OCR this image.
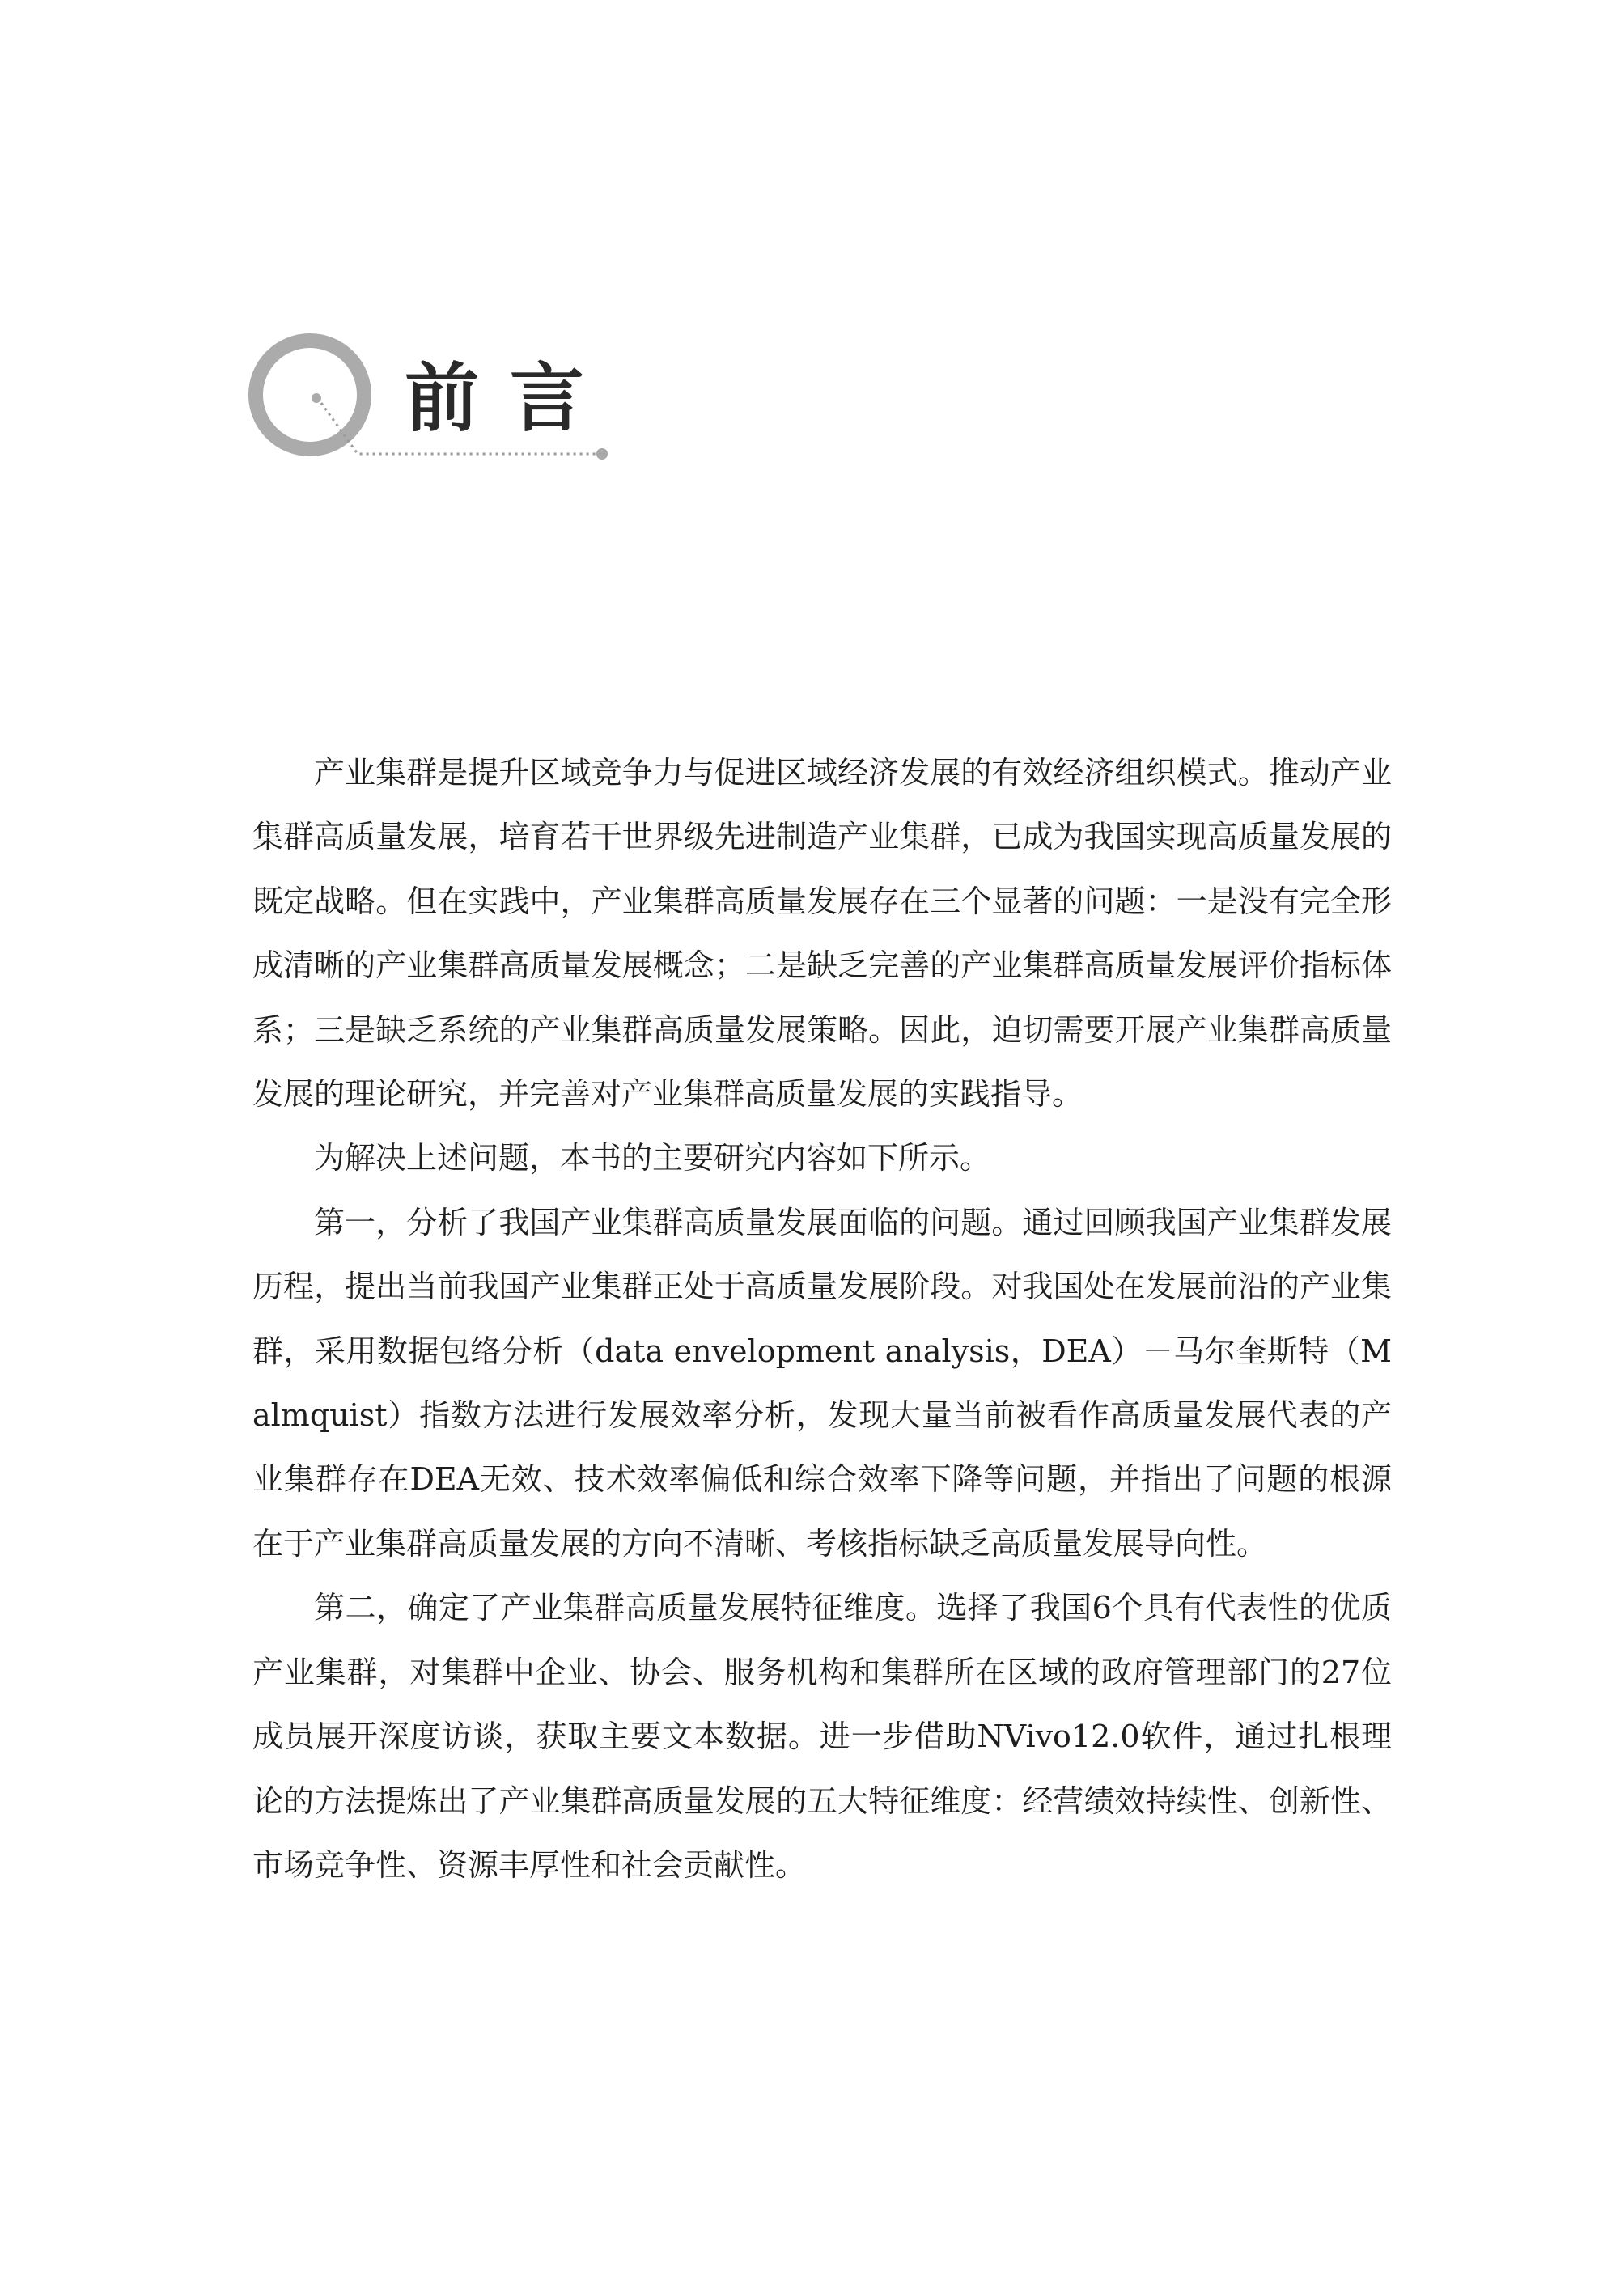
前言

产业集群是提升区域竞争力与促进区域经济发展的有效经济组织模式。推动产业集群高质量发展，培育若干世界级先进制造产业集群，已成为我国实现高质量发展的既定战略。但在实践中，产业集群高质量发展存在三个显著的问题：一是没有完全形成清晰的产业集群高质量发展概念；二是缺乏完善的产业集群高质量发展评价指标体系；三是缺乏系统的产业集群高质量发展策略。因此，迫切需要开展产业集群高质量发展的理论研究，并完善对产业集群高质量发展的实践指导。

为解决上述问题，本书的主要研究内容如下所示。

第一，分析了我国产业集群高质量发展面临的问题。通过回顾我国产业集群发展历程，提出当前我国产业集群正处于高质量发展阶段。对我国处在发展前沿的产业集群，采用数据包络分析（data envelopment analysis，DEA）－马尔奎斯特（Malmquist）指数方法进行发展效率分析，发现大量当前被看作高质量发展代表的产业集群存在DEA无效、技术效率偏低和综合效率下降等问题，并指出了问题的根源在于产业集群高质量发展的方向不清晰、考核指标缺乏高质量发展导向性。

第二，确定了产业集群高质量发展特征维度。选择了我国6个具有代表性的优质产业集群，对集群中企业、协会、服务机构和集群所在区域的政府管理部门的27位成员展开深度访谈，获取主要文本数据。进一步借助NVivo12.0软件，通过扎根理论的方法提炼出了产业集群高质量发展的五大特征维度：经营绩效持续性、创新性、市场竞争性、资源丰厚性和社会贡献性。
